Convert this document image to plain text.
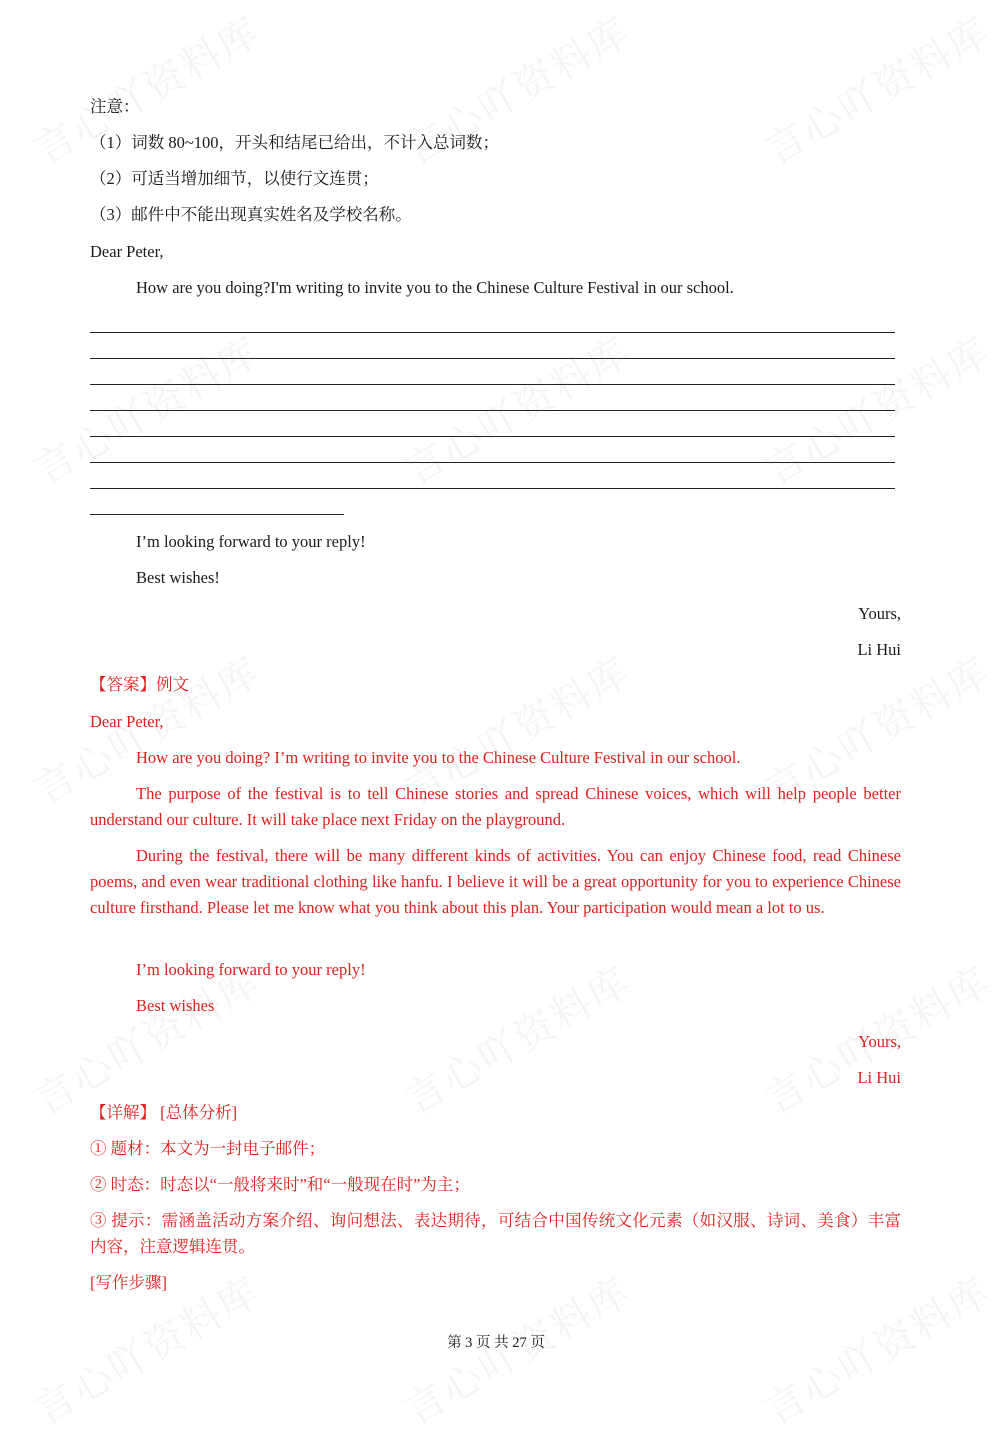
注意：
（1）词数 80~100，开头和结尾已给出，不计入总词数；
（2）可适当增加细节，以使行文连贯；
（3）邮件中不能出现真实姓名及学校名称。
Dear Peter,
How are you doing?I'm writing to invite you to the Chinese Culture Festival in our school.
I’m looking forward to your reply!
Best wishes!
Yours,
Li Hui
【答案】例文
Dear Peter,
How are you doing? I’m writing to invite you to the Chinese Culture Festival in our school.
The purpose of the festival is to tell Chinese stories and spread Chinese voices, which will help people better understand our culture. It will take place next Friday on the playground.
During the festival, there will be many different kinds of activities. You can enjoy Chinese food, read Chinese poems, and even wear traditional clothing like hanfu. I believe it will be a great opportunity for you to experience Chinese culture firsthand. Please let me know what you think about this plan. Your participation would mean a lot to us.
I’m looking forward to your reply!
Best wishes
Yours,
Li Hui
【详解】 [总体分析]
① 题材：本文为一封电子邮件；
② 时态：时态以“一般将来时”和“一般现在时”为主；
③ 提示：需涵盖活动方案介绍、询问想法、表达期待，可结合中国传统文化元素（如汉服、诗词、美食）丰富内容，注意逻辑连贯。
[写作步骤]
第 3 页 共 27 页
